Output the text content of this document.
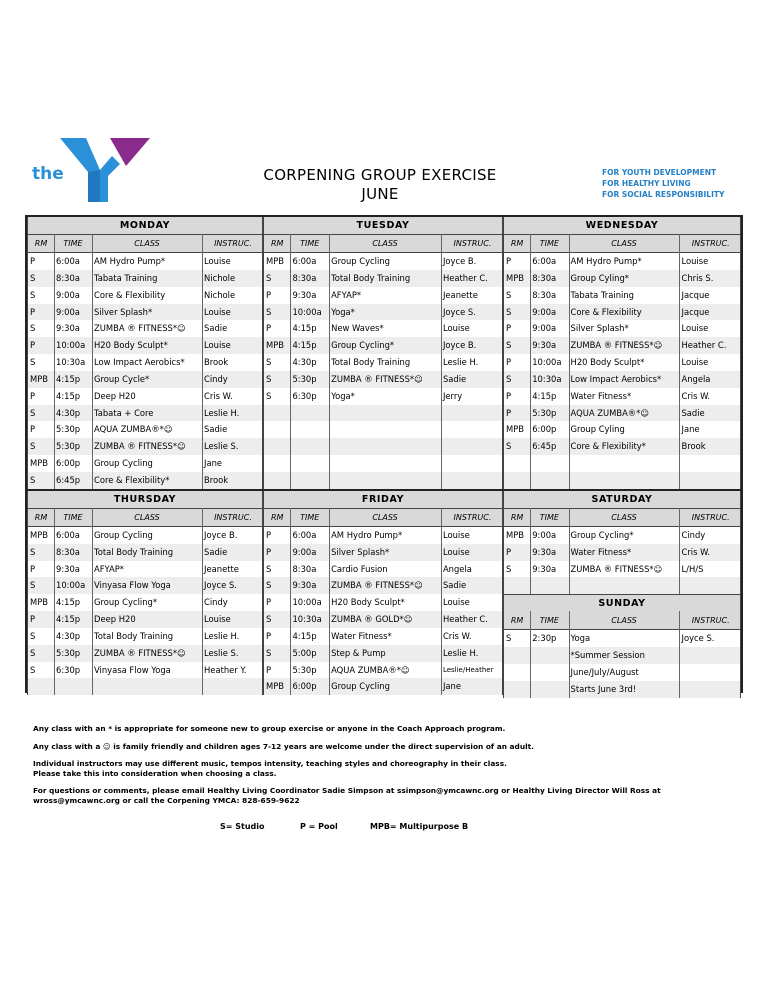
the	CORPENING GROUP EXERCISE
JUNE
FOR YOUTH DEVELOPMENT
FOR HEALTHY LIVING
FOR SOCIAL RESPONSIBILITY
MONDAY
RM	TIME	CLASS	INSTRUC.
P	6:00a	AM Hydro Pump*	Louise
S	8:30a	Tabata Training	Nichole
S	9:00a	Core & Flexibility	Nichole
P	9:00a	Silver Splash*	Louise
S	9:30a	ZUMBA ® FITNESS*☺	Sadie
P	10:00a	H20 Body Sculpt*	Louise
S	10:30a	Low Impact Aerobics*	Brook
MPB 4:15p	Group Cycle*	Cindy
P	4:15p	Deep H20	Cris W.
S	4:30p	Tabata + Core	Leslie H.
P	5:30p	AQUA ZUMBA®*☺	Sadie
S	5:30p	ZUMBA ® FITNESS*☺	Leslie S.
MPB 6:00p	Group Cycling	Jane
S	6:45p	Core & Flexibility*	Brook
TUESDAY
RM	TIME	CLASS	INSTRUC.
MPB	6:00a	Group Cycling	Joyce B.
S	8:30a	Total Body Training	Heather C.
P	9:30a	AFYAP*	Jeanette
S	10:00a	Yoga*	Joyce S.
P	4:15p	New Waves*	Louise
MPB	4:15p	Group Cycling*	Joyce B.
S	4:30p	Total Body Training	Leslie H.
S	5:30p	ZUMBA ® FITNESS*☺	Sadie
S	6:30p	Yoga*	Jerry
WEDNESDAY
RM	TIME	CLASS	INSTRUC.
P	6:00a	AM Hydro Pump*	Louise
MPB 8:30a	Group Cyling*	Chris S.
S	8:30a	Tabata Training	Jacque
S	9:00a	Core & Flexibility	Jacque
P	9:00a	Silver Splash*	Louise
S	9:30a	ZUMBA ® FITNESS*☺	Heather C.
P	10:00a	H20 Body Sculpt*	Louise
S	10:30a	Low Impact Aerobics*	Angela
P	4:15p	Water Fitness*	Cris W.
P	5:30p	AQUA ZUMBA®*☺	Sadie
MPB 6:00p	Group Cyling	Jane
S	6:45p	Core & Flexibility*	Brook
THURSDAY
RM	TIME	CLASS	INSTRUC.
MPB 6:00a	Group Cycling	Joyce B.
S	8:30a	Total Body Training	Sadie
P	9:30a	AFYAP*	Jeanette
S	10:00a	Vinyasa Flow Yoga	Joyce S.
MPB 4:15p	Group Cycling*	Cindy
P	4:15p	Deep H20	Louise
S	4:30p	Total Body Training	Leslie H.
S	5:30p	ZUMBA ® FITNESS*☺	Leslie S.
S	6:30p	Vinyasa Flow Yoga	Heather Y.
FRIDAY
RM	TIME	CLASS	INSTRUC.
P	6:00a	AM Hydro Pump*	Louise
P	9:00a	Silver Splash*	Louise
S	8:30a	Cardio Fusion	Angela
S	9:30a	ZUMBA ® FITNESS*☺	Sadie
P	10:00a	H20 Body Sculpt*	Louise
S	10:30a	ZUMBA ® GOLD*☺	Heather C.
P	4:15p	Water Fitness*	Cris W.
S	5:00p	Step & Pump	Leslie H.
P	5:30p	AQUA ZUMBA®*☺	Leslie/Heather
MPB	6:00p	Group Cycling	Jane
SATURDAY
RM	TIME	CLASS	INSTRUC.
MPB 9:00a	Group Cycling*	Cindy
P	9:30a	Water Fitness*	Cris W.
S	9:30a	ZUMBA ® FITNESS*☺	L/H/S
SUNDAY
RM	TIME	CLASS	INSTRUC.
S	2:30p	Yoga	Joyce S.
*Summer Session
June/July/August
Starts June 3rd!

Any class with an * is appropriate for someone new to group exercise or anyone in the Coach Approach program.

Any class with a ☺ is family friendly and children ages 7-12 years are welcome under the direct supervision of an adult.

Individual instructors may use different music, tempos intensity, teaching styles and choreography in their class.
Please take this into consideration when choosing a class.

For questions or comments, please email Healthy Living Coordinator Sadie Simpson at ssimpson@ymcawnc.org or Healthy Living Director Will Ross at wross@ymcawnc.org or call the Corpening YMCA: 828-659-9622

S= Studio	P = Pool	MPB= Multipurpose B
